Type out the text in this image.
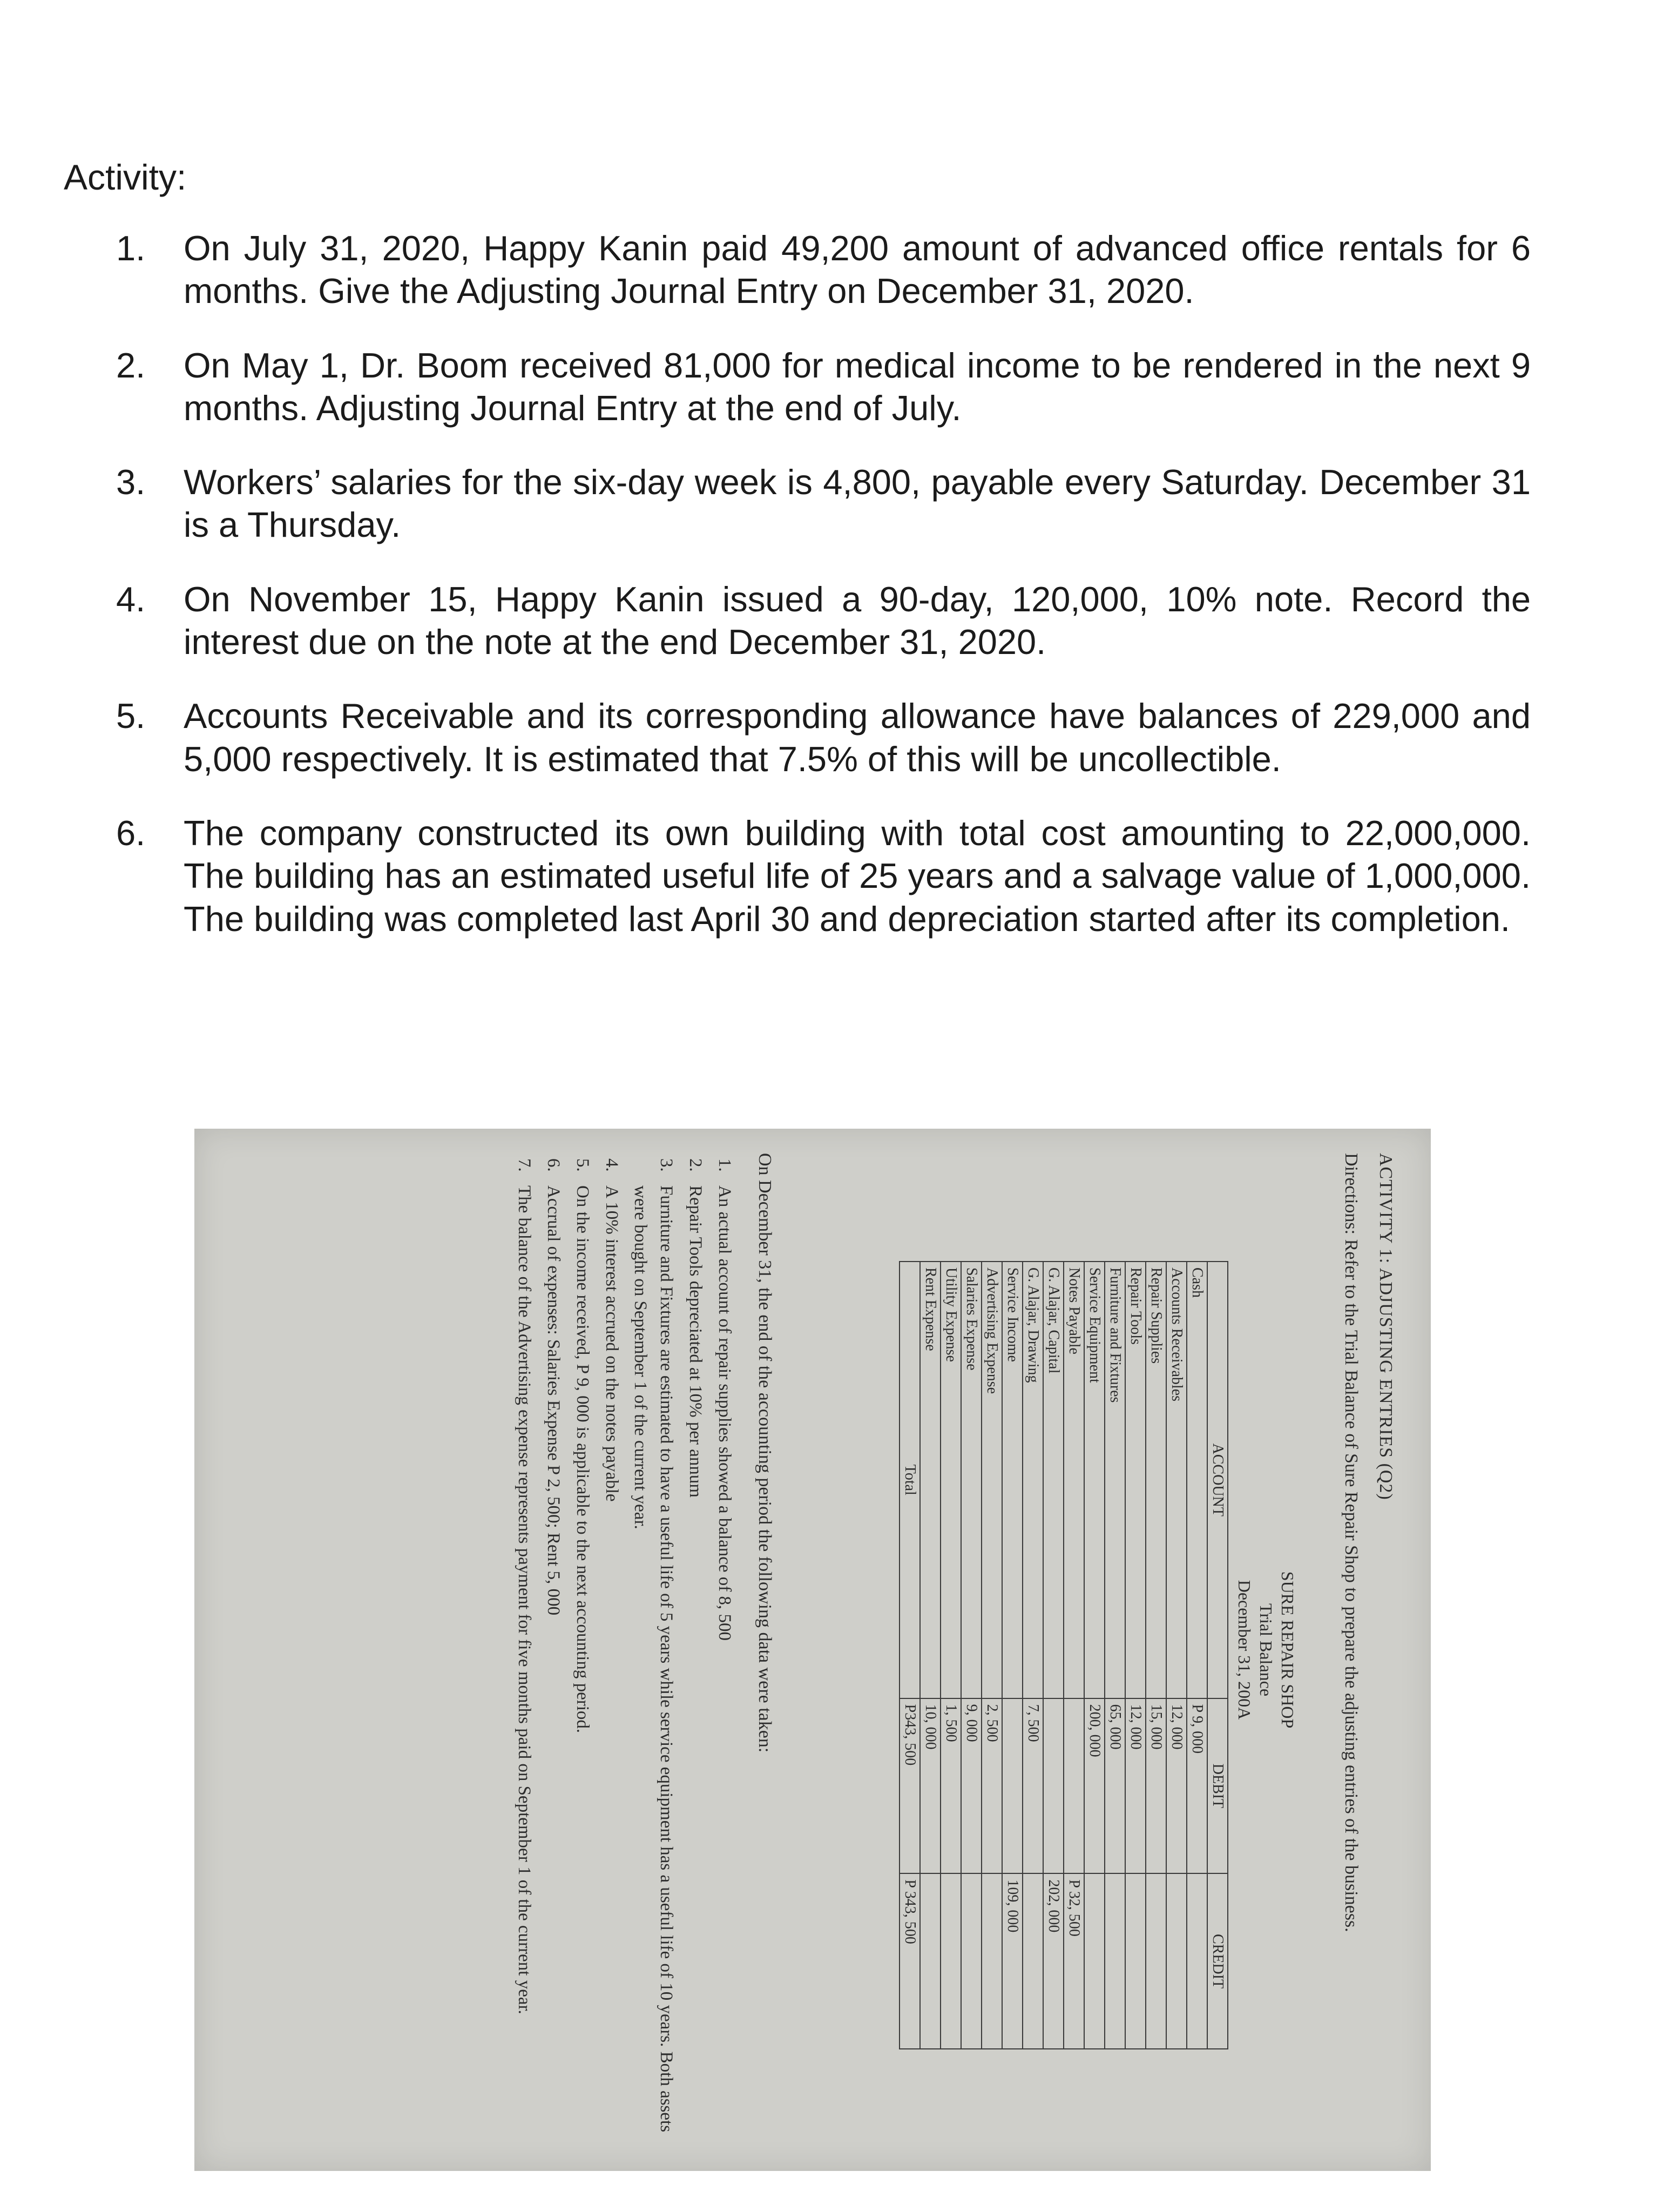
Activity:
1. On July 31, 2020, Happy Kanin paid 49,200 amount of advanced office rentals for 6 months. Give the Adjusting Journal Entry on December 31, 2020.
2. On May 1, Dr. Boom received 81,000 for medical income to be rendered in the next 9 months. Adjusting Journal Entry at the end of July.
3. Workers’ salaries for the six-day week is 4,800, payable every Saturday. December 31 is a Thursday.
4. On November 15, Happy Kanin issued a 90-day, 120,000, 10% note. Record the interest due on the note at the end December 31, 2020.
5. Accounts Receivable and its corresponding allowance have balances of 229,000 and 5,000 respectively. It is estimated that 7.5% of this will be uncollectible.
6. The company constructed its own building with total cost amounting to 22,000,000. The building has an estimated useful life of 25 years and a salvage value of 1,000,000. The building was completed last April 30 and depreciation started after its completion.
ACTIVITY 1: ADJUSTING ENTRIES (Q2)
Directions: Refer to the Trial Balance of Sure Repair Shop to prepare the adjusting entries of the business.
SURE REPAIR SHOP
Trial Balance
December 31, 200A
ACCOUNT	DEBIT	CREDIT
Cash	P 9, 000	
Accounts Receivables	12, 000	
Repair Supplies	15, 000	
Repair Tools	12, 000	
Furniture and Fixtures	65, 000	
Service Equipment	200, 000	
Notes Payable		P 32, 500
G. Alajar, Capital		202, 000
G. Alajar, Drawing	7, 500	
Service Income		109, 000
Advertising Expense	2, 500	
Salaries Expense	9, 000	
Utility Expense	1, 500	
Rent Expense	10, 000	
Total	P343, 500	P 343, 500
On December 31, the end of the accounting period the following data were taken:
1.
An actual account of repair supplies showed a balance of 8, 500
2.
Repair Tools depreciated at 10% per annum
3.
Furniture and Fixtures are estimated to have a useful life of 5 years while service equipment has a useful life of 10 years. Both assets were bought on September 1 of the current year.
4.
A 10% interest accrued on the notes payable
5.
On the income received, P 9, 000 is applicable to the next accounting period.
6.
Accrual of expenses: Salaries Expense P 2, 500; Rent 5, 000
7.
The balance of the Advertising expense represents payment for five months paid on September 1 of the current year.
